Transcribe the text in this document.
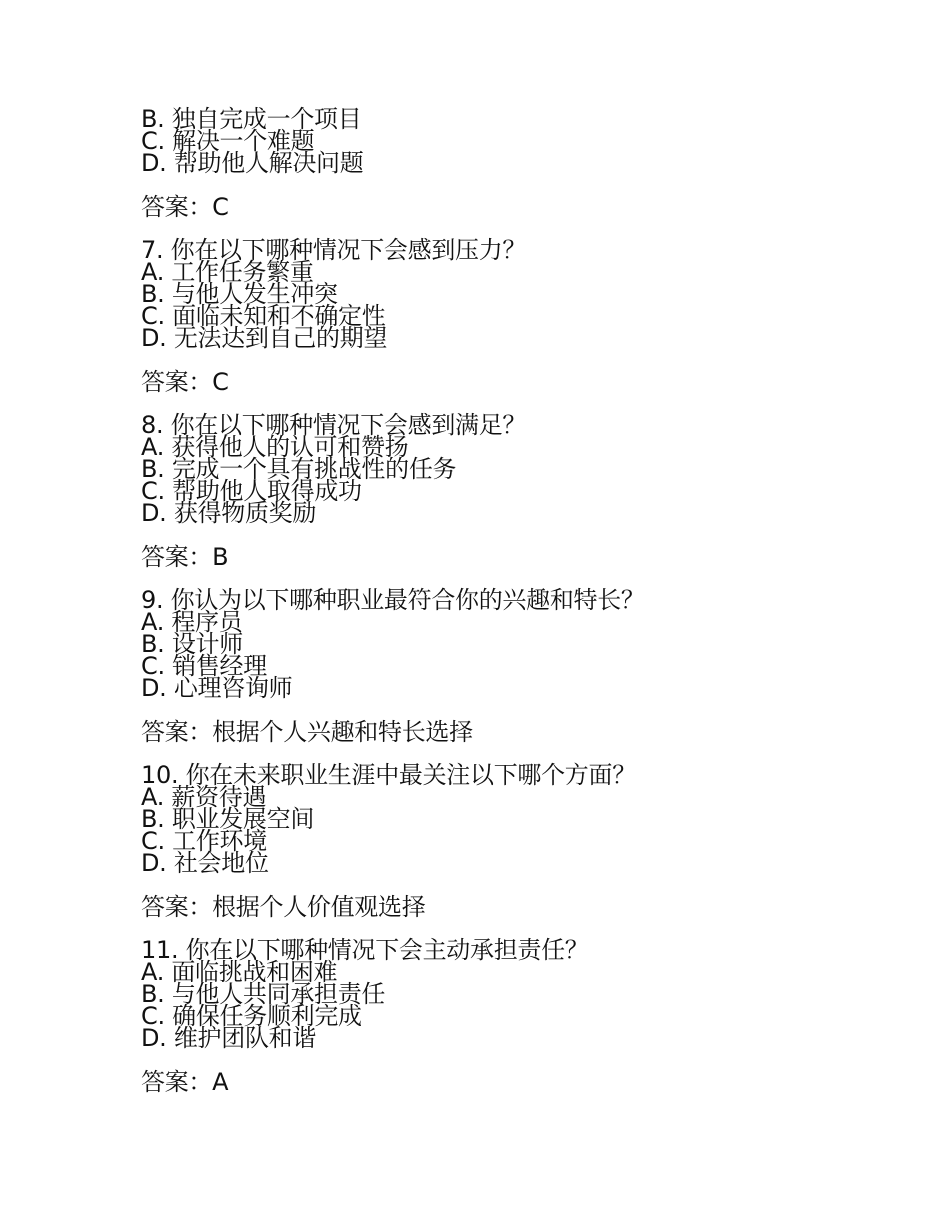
B. 独自完成一个项目
C. 解决一个难题
D. 帮助他人解决问题
答案：C
7. 你在以下哪种情况下会感到压力？
A. 工作任务繁重
B. 与他人发生冲突
C. 面临未知和不确定性
D. 无法达到自己的期望
答案：C
8. 你在以下哪种情况下会感到满足？
A. 获得他人的认可和赞扬
B. 完成一个具有挑战性的任务
C. 帮助他人取得成功
D. 获得物质奖励
答案：B
9. 你认为以下哪种职业最符合你的兴趣和特长？
A. 程序员
B. 设计师
C. 销售经理
D. 心理咨询师
答案：根据个人兴趣和特长选择
10. 你在未来职业生涯中最关注以下哪个方面？
A. 薪资待遇
B. 职业发展空间
C. 工作环境
D. 社会地位
答案：根据个人价值观选择
11. 你在以下哪种情况下会主动承担责任？
A. 面临挑战和困难
B. 与他人共同承担责任
C. 确保任务顺利完成
D. 维护团队和谐
答案：A
